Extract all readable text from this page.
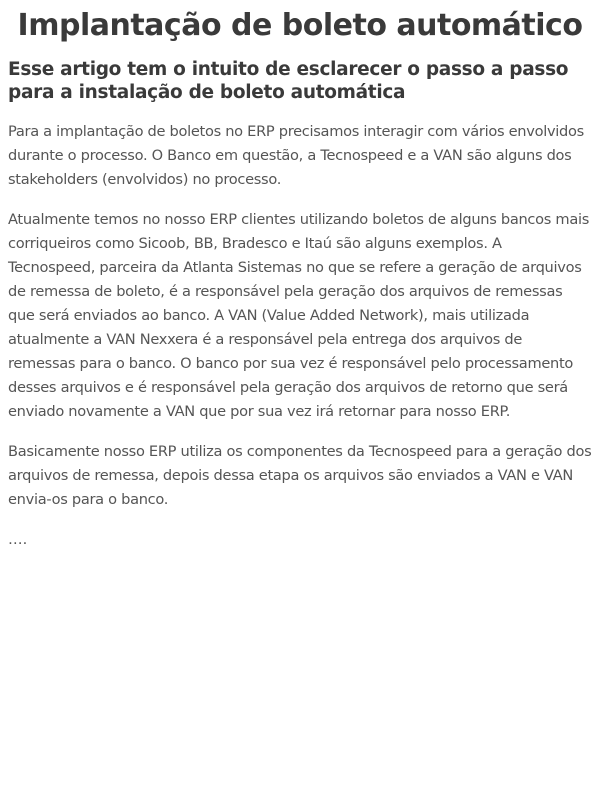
Implantação de boleto automático
Esse artigo tem o intuito de esclarecer o passo a passo para a instalação de boleto automática

Para a implantação de boletos no ERP precisamos interagir com vários envolvidos durante o processo. O Banco em questão, a Tecnospeed e a VAN são alguns dos stakeholders (envolvidos) no processo.

Atualmente temos no nosso ERP clientes utilizando boletos de alguns bancos mais corriqueiros como Sicoob, BB, Bradesco e Itaú são alguns exemplos. A Tecnospeed, parceira da Atlanta Sistemas no que se refere a geração de arquivos de remessa de boleto, é a responsável pela geração dos arquivos de remessas que será enviados ao banco. A VAN (Value Added Network), mais utilizada atualmente a VAN Nexxera é a responsável pela entrega dos arquivos de remessas para o banco. O banco por sua vez é responsável pelo processamento desses arquivos e é responsável pela geração dos arquivos de retorno que será enviado novamente a VAN que por sua vez irá retornar para nosso ERP.

Basicamente nosso ERP utiliza os componentes da Tecnospeed para a geração dos arquivos de remessa, depois dessa etapa os arquivos são enviados a VAN e VAN envia-os para o banco.

….
